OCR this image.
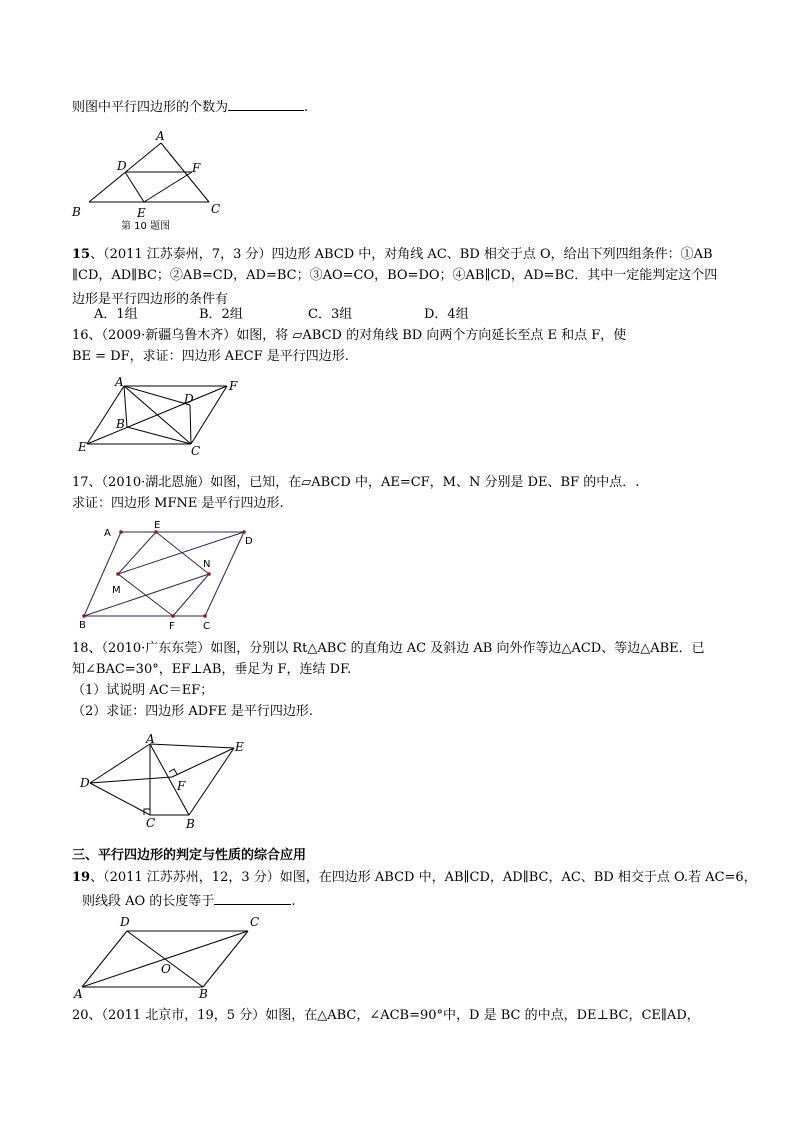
则图中平行四边形的个数为	.
A
D	F
B	E	C
第 10 题图
15、（2011 江苏泰州，7，3 分）四边形 ABCD 中，对角线 AC、BD 相交于点 O，给出下列四组条件：①AB
∥CD，AD∥BC；②AB=CD，AD=BC；③AO=CO，BO=DO；④AB∥CD，AD=BC．其中一定能判定这个四
边形是平行四边形的条件有
A．1组	B．2组	C．3组	D．4组
16、（2009·新疆乌鲁木齐）如图，将 ▱ABCD 的对角线 BD 向两个方向延长至点 E 和点 F，使
BE = DF，求证：四边形 AECF 是平行四边形.
A	F
D
B
E	C
17、（2010·湖北恩施）如图，已知，在▱ABCD 中，AE=CF，M、N 分别是 DE、BF 的中点．.
求证：四边形 MFNE 是平行四边形.
A
E
D
N
M
B	F	C
18、（2010·广东东莞）如图，分别以 Rt△ABC 的直角边 AC 及斜边 AB 向外作等边△ACD、等边△ABE．已
知∠BAC=30°，EF⊥AB，垂足为 F，连结 DF.
（1）试说明 AC＝EF；
（2）求证：四边形 ADFE 是平行四边形.
A
E
D	F
C	B
三、平行四边形的判定与性质的综合应用
19、（2011 江苏苏州，12，3 分）如图，在四边形 ABCD 中，AB∥CD，AD∥BC，AC、BD 相交于点 O.若 AC=6，
则线段 AO 的长度等于	.
D	C
O
A	B
20、（2011 北京市，19，5 分）如图，在△ABC，∠ACB=90°中，D 是 BC 的中点，DE⊥BC，CE∥AD，
